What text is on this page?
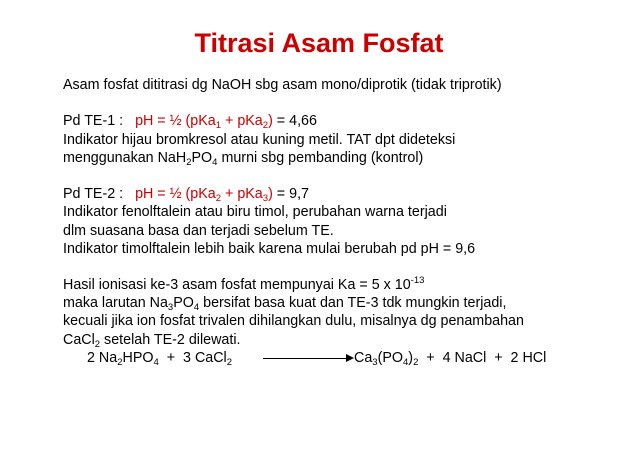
Titrasi Asam Fosfat
Asam fosfat dititrasi dg NaOH sbg asam mono/diprotik (tidak triprotik)
Pd TE-1 : pH = ½ (pKa$_1$ + pKa$_2$) = 4,66
Indikator hijau bromkresol atau kuning metil. TAT dpt dideteksi
menggunakan $NaH_2PO_4$ murni sbg pembanding (kontrol)
Pd TE-2 : pH = ½ (pKa$_2$ + pKa$_3$) = 9,7
Indikator fenolftalein atau biru timol, perubahan warna terjadi
dlm suasana basa dan terjadi sebelum TE.
Indikator timolftalein lebih baik karena mulai berubah pd pH = 9,6
Hasil ionisasi ke-3 asam fosfat mempunyai Ka = 5 x $10^{-13}$
maka larutan $Na_3PO_4$ bersifat basa kuat dan TE-3 tdk mungkin terjadi,
kecuali jika ion fosfat trivalen dihilangkan dulu, misalnya dg penambahan
CaCl$_2$ setelah TE-2 dilewati.
2 $Na_2HPO_4 + 3$ CaCl$_2$	$Ca_3(PO_4)_2 + 4$ NaCl  +  2 HCl
